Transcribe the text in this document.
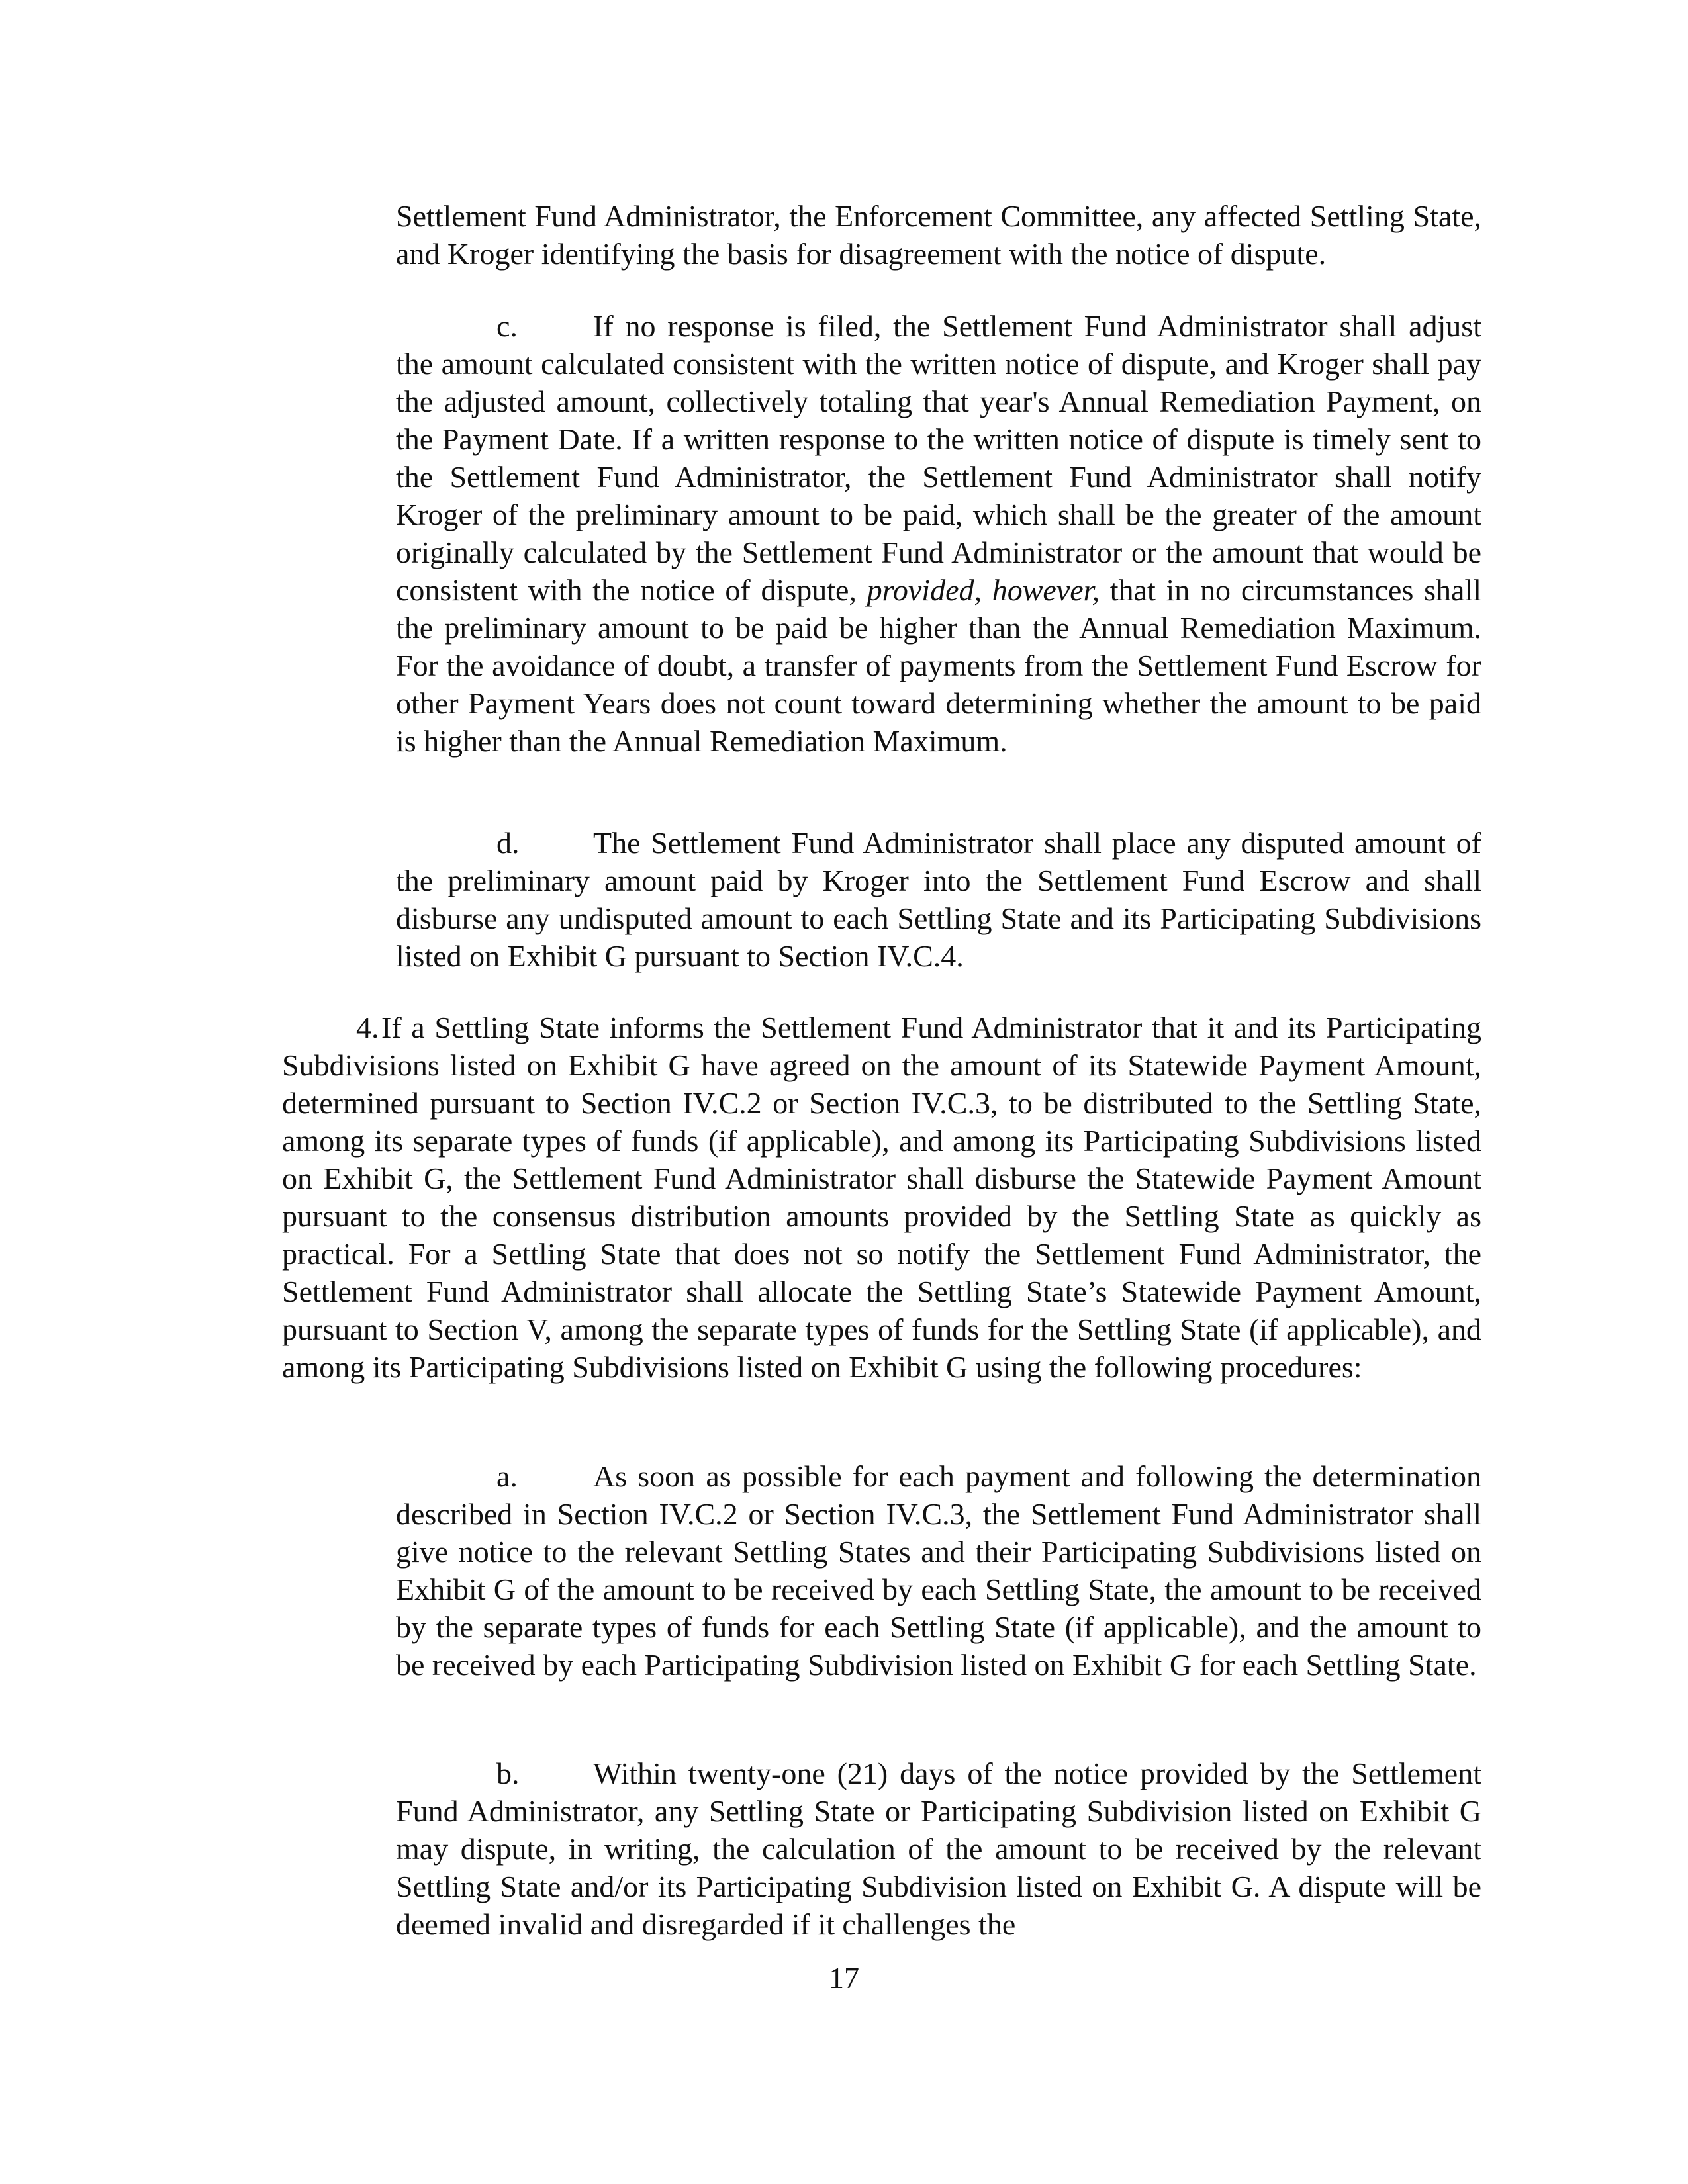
Settlement Fund Administrator, the Enforcement Committee, any affected Settling State, and Kroger identifying the basis for disagreement with the notice of dispute.

c. If no response is filed, the Settlement Fund Administrator shall adjust the amount calculated consistent with the written notice of dispute, and Kroger shall pay the adjusted amount, collectively totaling that year's Annual Remediation Payment, on the Payment Date. If a written response to the written notice of dispute is timely sent to the Settlement Fund Administrator, the Settlement Fund Administrator shall notify Kroger of the preliminary amount to be paid, which shall be the greater of the amount originally calculated by the Settlement Fund Administrator or the amount that would be consistent with the notice of dispute, provided, however, that in no circumstances shall the preliminary amount to be paid be higher than the Annual Remediation Maximum. For the avoidance of doubt, a transfer of payments from the Settlement Fund Escrow for other Payment Years does not count toward determining whether the amount to be paid is higher than the Annual Remediation Maximum.

d. The Settlement Fund Administrator shall place any disputed amount of the preliminary amount paid by Kroger into the Settlement Fund Escrow and shall disburse any undisputed amount to each Settling State and its Participating Subdivisions listed on Exhibit G pursuant to Section IV.C.4.

4.If a Settling State informs the Settlement Fund Administrator that it and its Participating Subdivisions listed on Exhibit G have agreed on the amount of its Statewide Payment Amount, determined pursuant to Section IV.C.2 or Section IV.C.3, to be distributed to the Settling State, among its separate types of funds (if applicable), and among its Participating Subdivisions listed on Exhibit G, the Settlement Fund Administrator shall disburse the Statewide Payment Amount pursuant to the consensus distribution amounts provided by the Settling State as quickly as practical. For a Settling State that does not so notify the Settlement Fund Administrator, the Settlement Fund Administrator shall allocate the Settling State’s Statewide Payment Amount, pursuant to Section V, among the separate types of funds for the Settling State (if applicable), and among its Participating Subdivisions listed on Exhibit G using the following procedures:

a. As soon as possible for each payment and following the determination described in Section IV.C.2 or Section IV.C.3, the Settlement Fund Administrator shall give notice to the relevant Settling States and their Participating Subdivisions listed on Exhibit G of the amount to be received by each Settling State, the amount to be received by the separate types of funds for each Settling State (if applicable), and the amount to be received by each Participating Subdivision listed on Exhibit G for each Settling State.

b. Within twenty-one (21) days of the notice provided by the Settlement Fund Administrator, any Settling State or Participating Subdivision listed on Exhibit G may dispute, in writing, the calculation of the amount to be received by the relevant Settling State and/or its Participating Subdivision listed on Exhibit G. A dispute will be deemed invalid and disregarded if it challenges the

17
